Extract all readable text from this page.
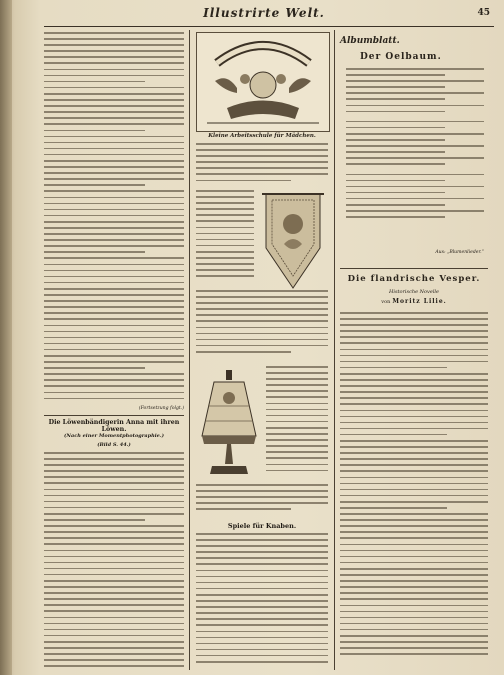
Illustrirte Welt.	45
(Fortsetzung folgt.)
Die Löwenbändigerin Anna mit ihren Löwen.
(Nach einer Momentphotographie.)
(Bild S. 44.)
Kleine Arbeitsschule für Mädchen.
Spiele für Knaben.
Albumblatt.
Der Oelbaum.
Aus: „Blumenlieder.“
Die flandrische Vesper.
Historische Novelle
von Moritz Lilie.
